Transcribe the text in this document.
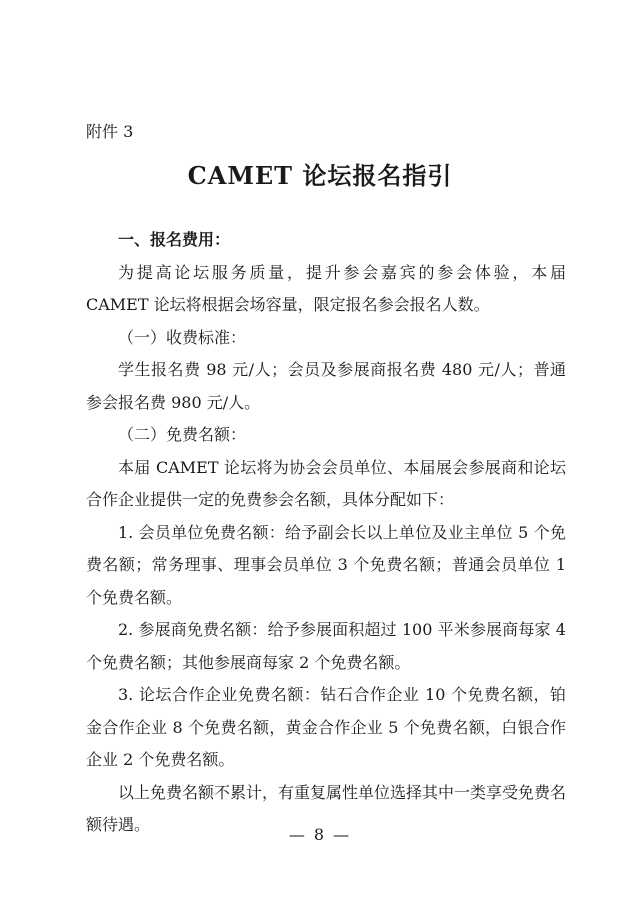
附件 3
CAMET 论坛报名指引

一、报名费用：

为提高论坛服务质量，提升参会嘉宾的参会体验，本届 CAMET 论坛将根据会场容量，限定报名参会报名人数。

（一）收费标准：

学生报名费 98 元/人；会员及参展商报名费 480 元/人；普通参会报名费 980 元/人。

（二）免费名额：

本届 CAMET 论坛将为协会会员单位、本届展会参展商和论坛合作企业提供一定的免费参会名额，具体分配如下：

1. 会员单位免费名额：给予副会长以上单位及业主单位 5 个免费名额；常务理事、理事会员单位 3 个免费名额；普通会员单位 1 个免费名额。

2. 参展商免费名额：给予参展面积超过 100 平米参展商每家 4 个免费名额；其他参展商每家 2 个免费名额。

3. 论坛合作企业免费名额：钻石合作企业 10 个免费名额，铂金合作企业 8 个免费名额，黄金合作企业 5 个免费名额，白银合作企业 2 个免费名额。

以上免费名额不累计，有重复属性单位选择其中一类享受免费名额待遇。

— 8 —
